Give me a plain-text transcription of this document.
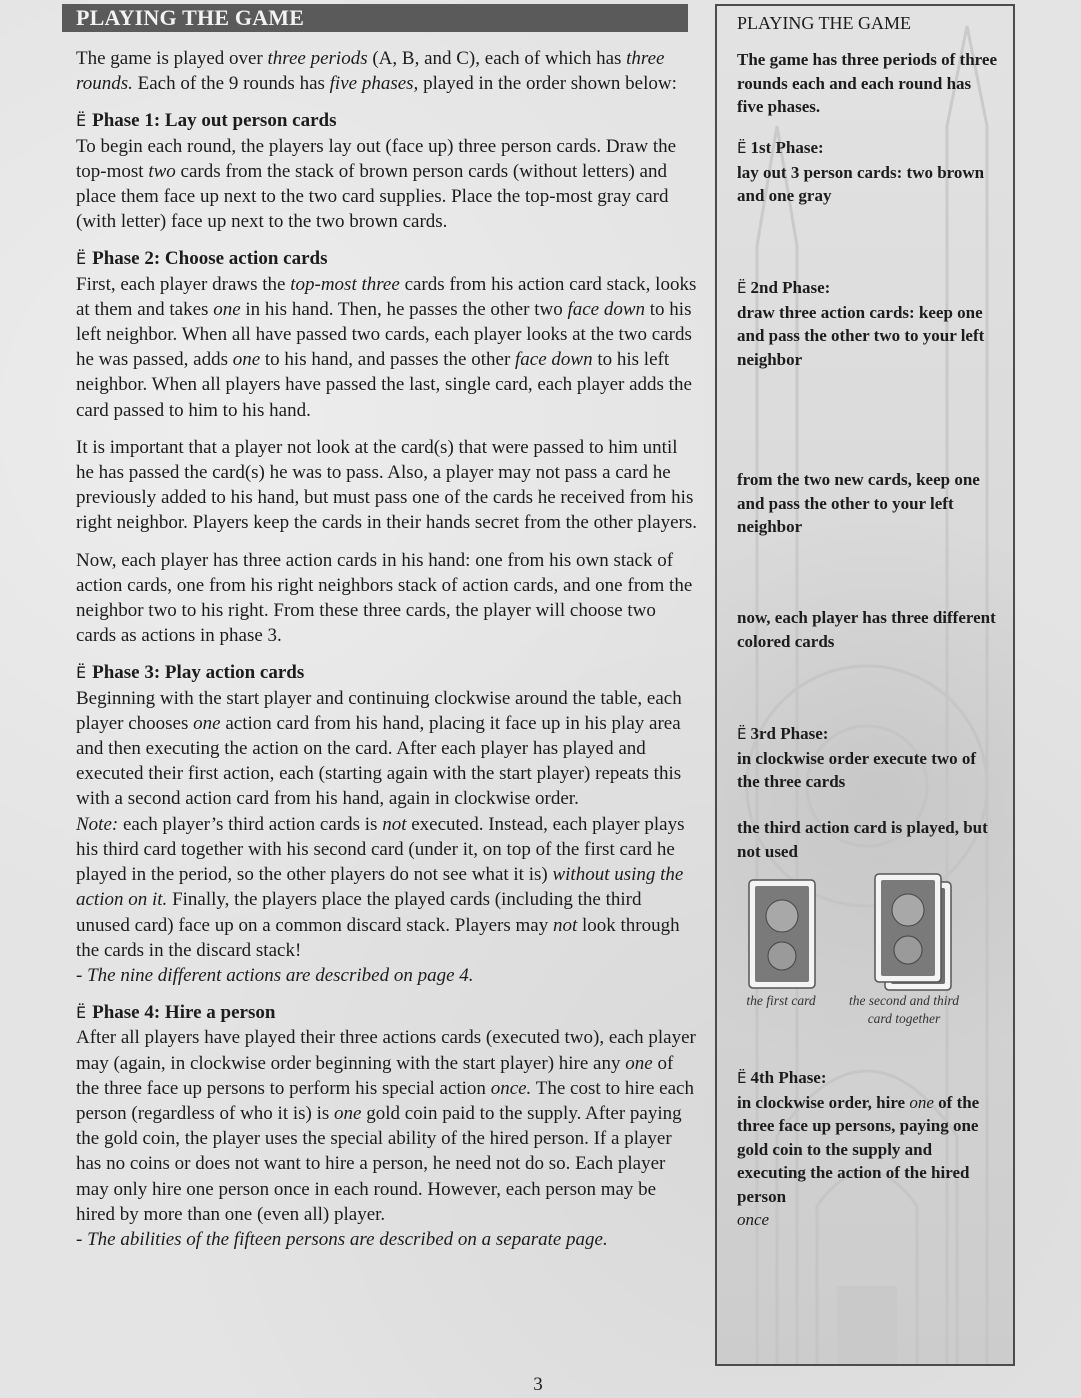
PLAYING THE GAME

The game is played over three periods (A, B, and C), each of which has three rounds. Each of the 9 rounds has five phases, played in the order shown below:

Ë Phase 1: Lay out person cards

To begin each round, the players lay out (face up) three person cards. Draw the top-most two cards from the stack of brown person cards (without letters) and place them face up next to the two card supplies. Place the top-most gray card (with letter) face up next to the two brown cards.

Ë Phase 2: Choose action cards

First, each player draws the top-most three cards from his action card stack, looks at them and takes one in his hand. Then, he passes the other two face down to his left neighbor. When all have passed two cards, each player looks at the two cards he was passed, adds one to his hand, and passes the other face down to his left neighbor. When all players have passed the last, single card, each player adds the card passed to him to his hand.

It is important that a player not look at the card(s) that were passed to him until he has passed the card(s) he was to pass. Also, a player may not pass a card he previously added to his hand, but must pass one of the cards he received from his right neighbor. Players keep the cards in their hands secret from the other players.

Now, each player has three action cards in his hand: one from his own stack of action cards, one from his right neighbors stack of action cards, and one from the neighbor two to his right. From these three cards, the player will choose two cards as actions in phase 3.

Ë Phase 3: Play action cards

Beginning with the start player and continuing clockwise around the table, each player chooses one action card from his hand, placing it face up in his play area and then executing the action on the card. After each player has played and executed their first action, each (starting again with the start player) repeats this with a second action card from his hand, again in clockwise order.

Note: each player’s third action cards is not executed. Instead, each player plays his third card together with his second card (under it, on top of the first card he played in the period, so the other players do not see what it is) without using the action on it. Finally, the players place the played cards (including the third unused card) face up on a common discard stack. Players may not look through the cards in the discard stack!

- The nine different actions are described on page 4.

Ë Phase 4: Hire a person

After all players have played their three actions cards (executed two), each player may (again, in clockwise order beginning with the start player) hire any one of the three face up persons to perform his special action once. The cost to hire each person (regardless of who it is) is one gold coin paid to the supply. After paying the gold coin, the player uses the special ability of the hired person. If a player has no coins or does not want to hire a person, he need not do so. Each player may only hire one person once in each round. However, each person may be hired by more than one (even all) player.

- The abilities of the fifteen persons are described on a separate page.

PLAYING THE GAME
The game has three periods of three rounds each and each round has five phases.
Ë 1st Phase:
lay out 3 person cards: two brown and one gray
Ë 2nd Phase:
draw three action cards: keep one and pass the other two to your left neighbor
from the two new cards, keep one and pass the other to your left neighbor
now, each player has three different colored cards
Ë 3rd Phase:
in clockwise order execute two of the three cards
the third action card is played, but not used
the first card	the second and third card together
Ë 4th Phase:
in clockwise order, hire one of the three face up persons, paying one gold coin to the supply and executing the action of the hired person
once
3
